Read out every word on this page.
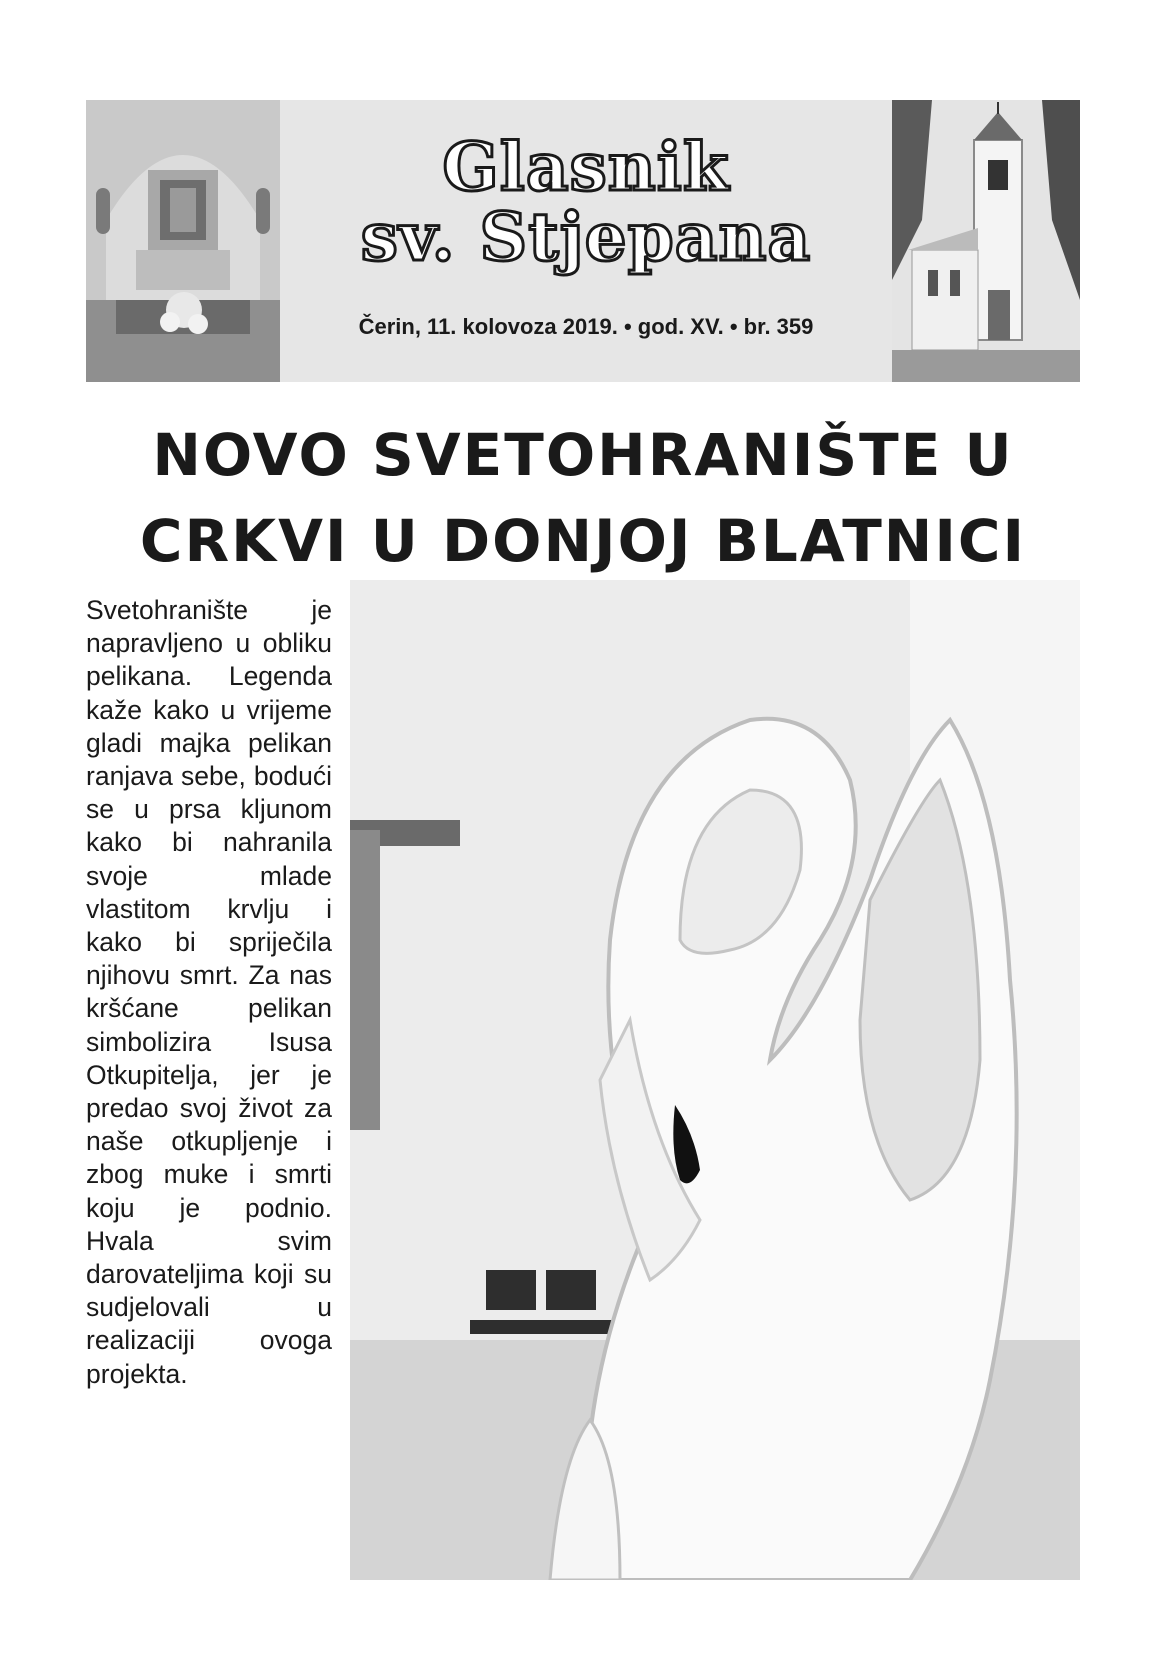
Glasnik
sv. Stjepana
Čerin, 11. kolovoza 2019. • god. XV. • br. 359
NOVO SVETOHRANIŠTE U
CRKVI U DONJOJ BLATNICI
Svetohranište je napravljeno u obliku pelikana. Legenda kaže kako u vrijeme gladi majka pelikan ranjava sebe, bodući se u prsa kljunom kako bi nahranila svoje mlade vlastitom krvlju i kako bi spriječila njihovu smrt. Za nas kršćane pelikan simbolizira Isusa Otkupitelja, jer je predao svoj život za naše otkupljenje i zbog muke i smrti koju je podnio. Hvala svim darovateljima koji su sudjelovali u realizaciji ovoga projekta.
